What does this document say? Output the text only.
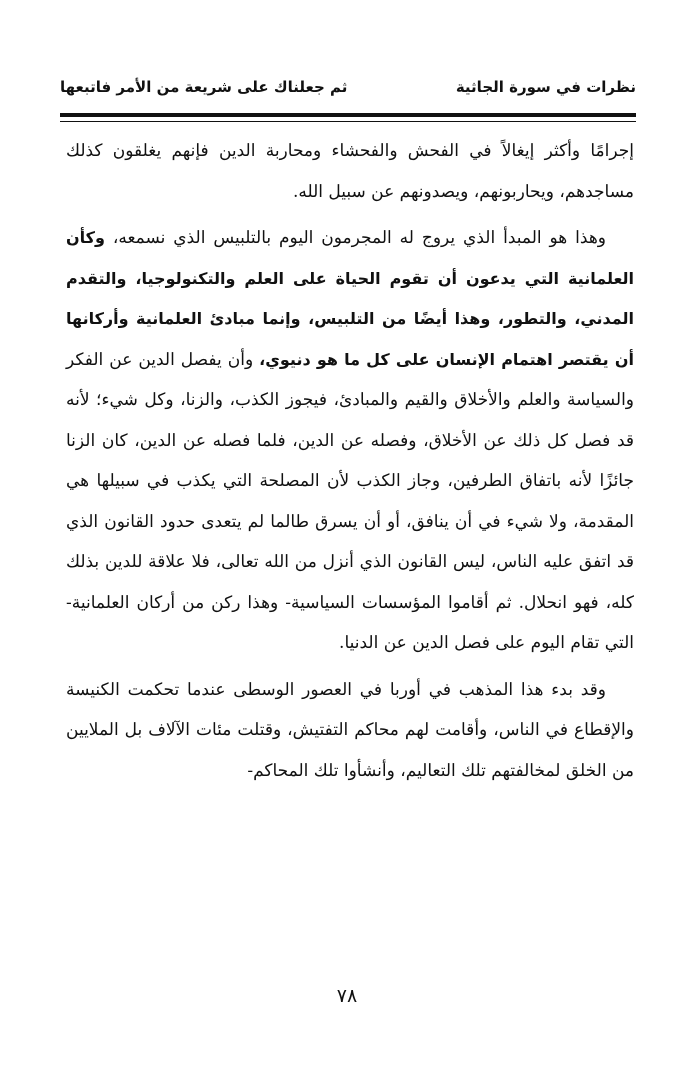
نظرات في سورة الجاثية
ثم جعلناك على شريعة من الأمر فاتبعها

إجرامًا وأكثر إيغالاً في الفحش والفحشاء ومحاربة الدين فإنهم يغلقون كذلك مساجدهم، ويحاربونهم، ويصدونهم عن سبيل الله.

وهذا هو المبدأ الذي يروج له المجرمون اليوم بالتلبيس الذي نسمعه، وكأن العلمانية التي يدعون أن تقوم الحياة على العلم والتكنولوجيا، والتقدم المدني، والتطور، وهذا أيضًا من التلبيس، وإنما مبادئ العلمانية وأركانها أن يقتصر اهتمام الإنسان على كل ما هو دنيوي، وأن يفصل الدين عن الفكر والسياسة والعلم والأخلاق والقيم والمبادئ، فيجوز الكذب، والزنا، وكل شيء؛ لأنه قد فصل كل ذلك عن الأخلاق، وفصله عن الدين، فلما فصله عن الدين، كان الزنا جائزًا لأنه باتفاق الطرفين، وجاز الكذب لأن المصلحة التي يكذب في سبيلها هي المقدمة، ولا شيء في أن ينافق، أو أن يسرق طالما لم يتعدى حدود القانون الذي قد اتفق عليه الناس، ليس القانون الذي أنزل من الله تعالى، فلا علاقة للدين بذلك كله، فهو انحلال. ثم أقاموا المؤسسات السياسية- وهذا ركن من أركان العلمانية-التي تقام اليوم على فصل الدين عن الدنيا.

وقد بدء هذا المذهب في أوربا في العصور الوسطى عندما تحكمت الكنيسة والإقطاع في الناس، وأقامت لهم محاكم التفتيش، وقتلت مئات الآلاف بل الملايين من الخلق لمخالفتهم تلك التعاليم، وأنشأوا تلك المحاكم-

٧٨
